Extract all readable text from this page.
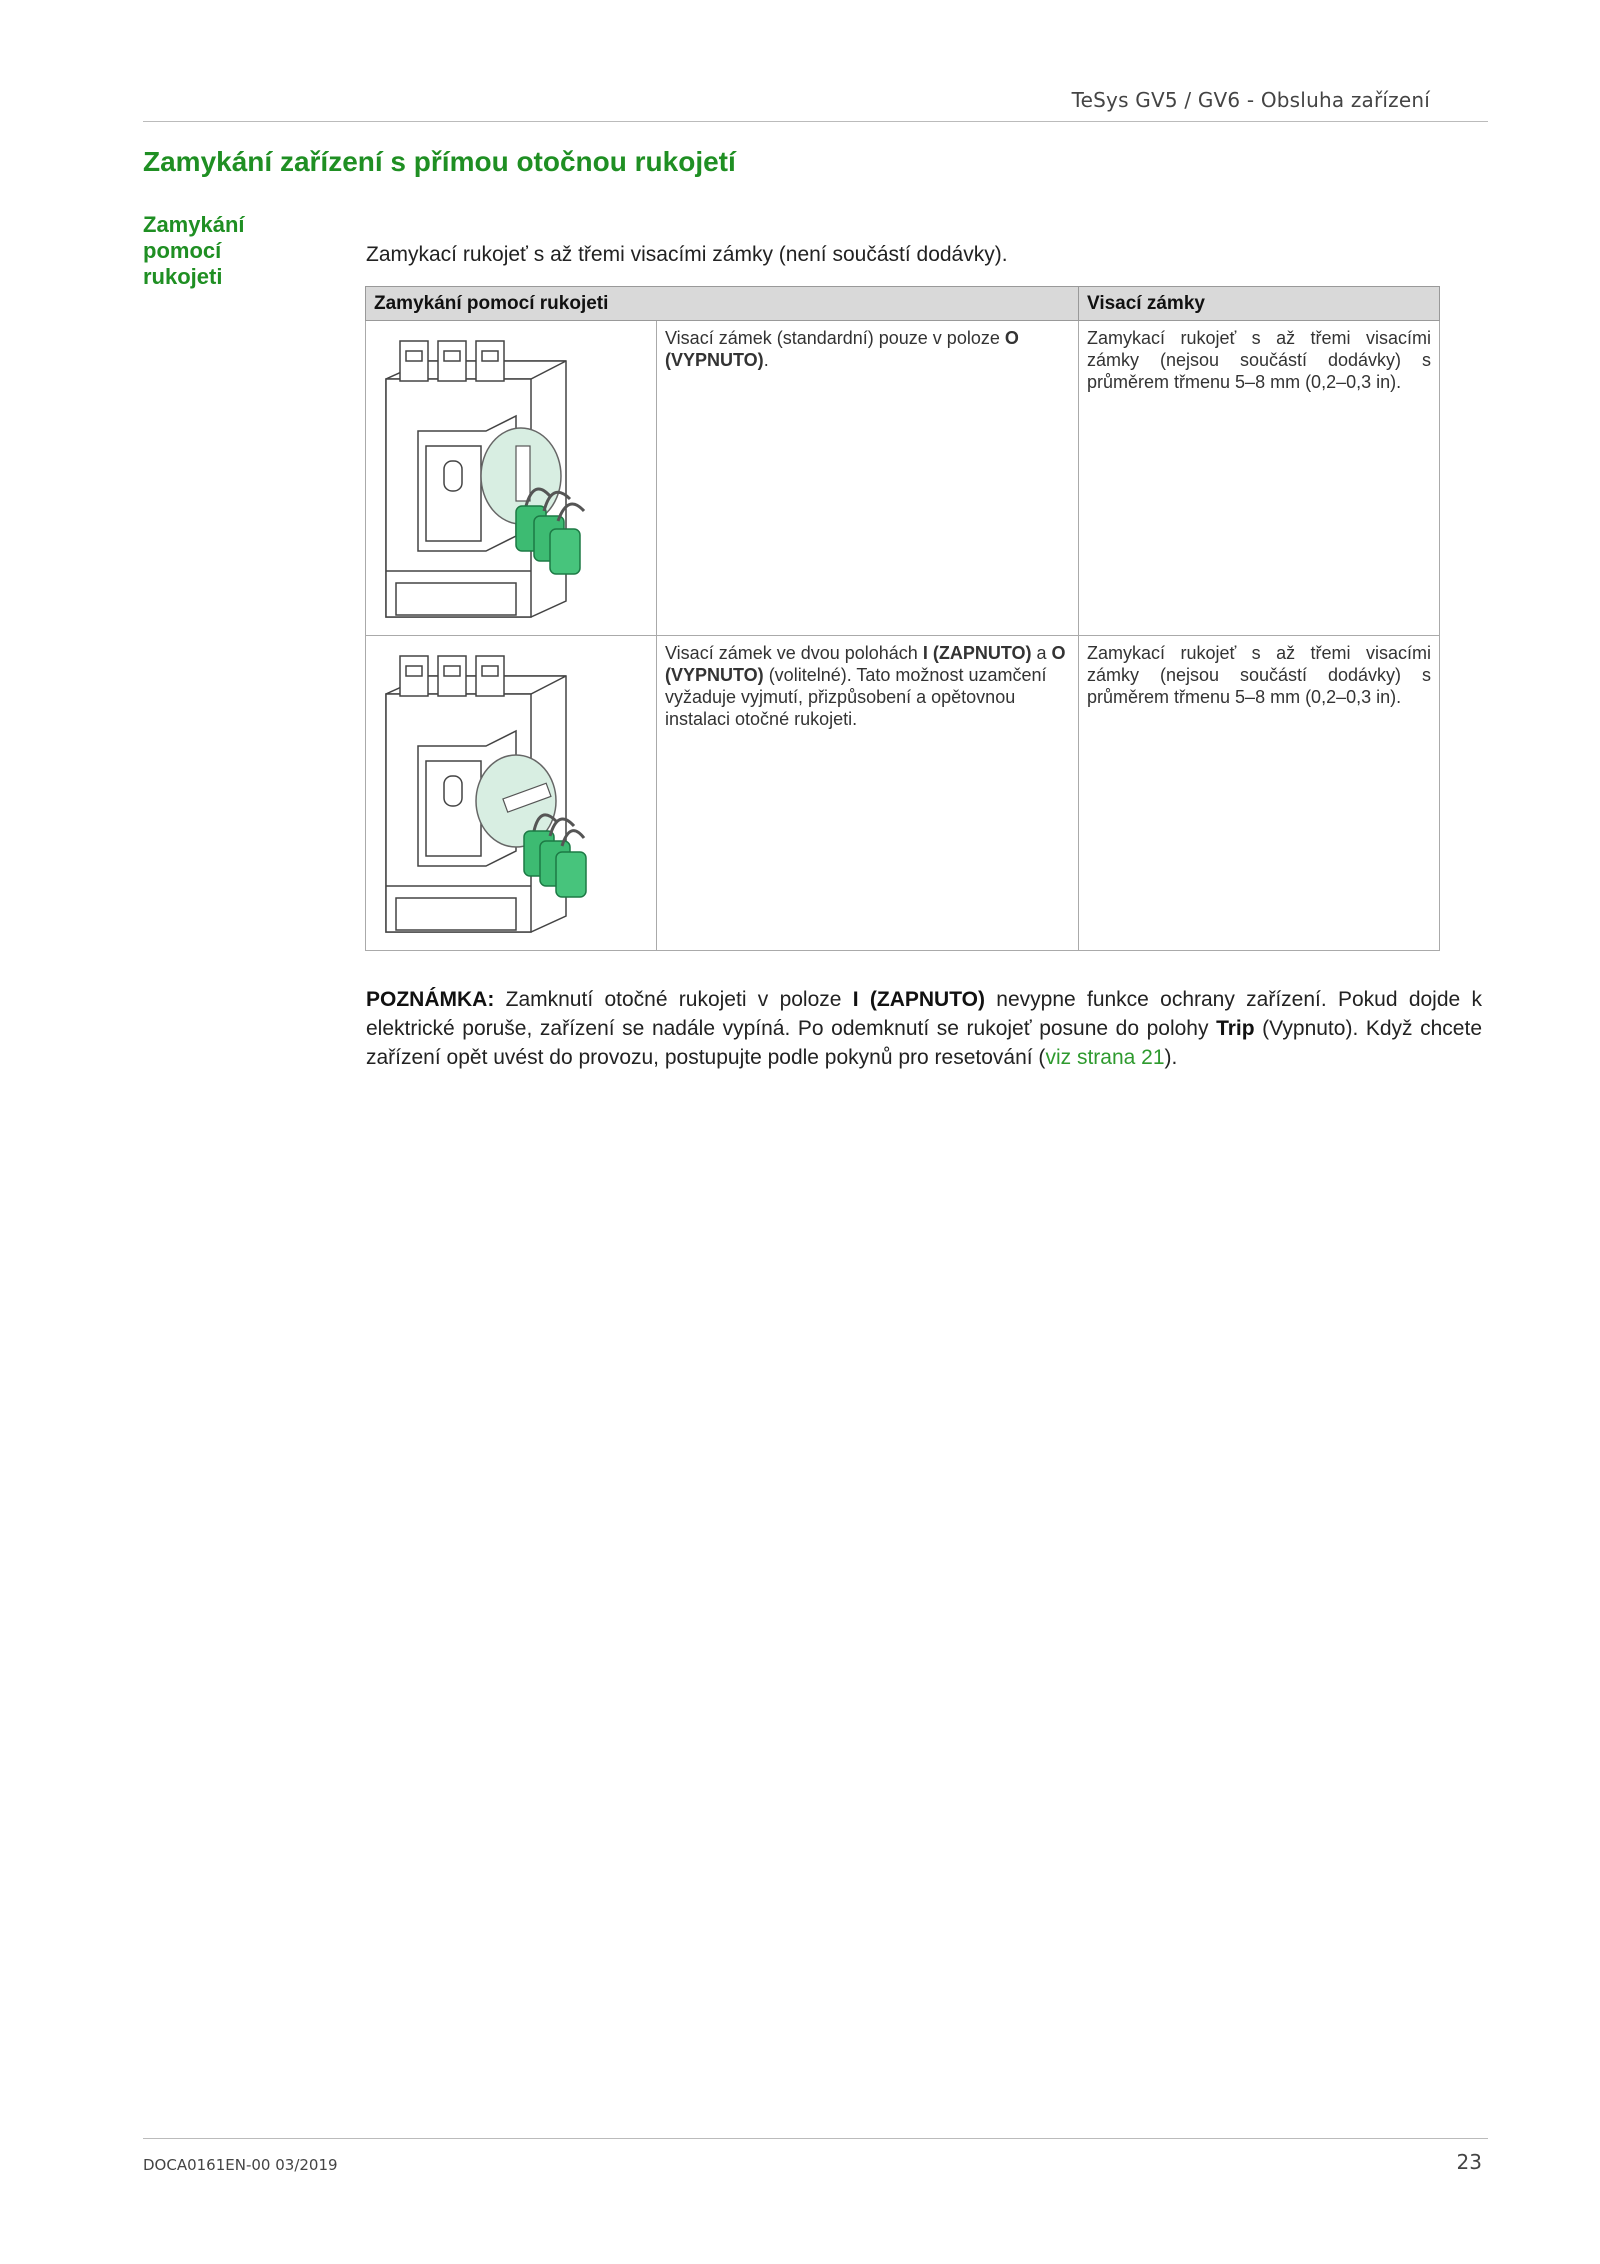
TeSys GV5 / GV6 - Obsluha zařízení
Zamykání zařízení s přímou otočnou rukojetí
Zamykání
pomocí
rukojeti
Zamykací rukojeť s až třemi visacími zámky (není součástí dodávky).
Zamykání pomocí rukojeti		Visací zámky

	Visací zámek (standardní) pouze v poloze O (VYPNUTO).	Zamykací rukojeť s až třemi visacími zámky (nejsou součástí dodávky) s průměrem třmenu 5–8 mm (0,2–0,3 in).

	Visací zámek ve dvou polohách I (ZAPNUTO) a O (VYPNUTO) (volitelné). Tato možnost uzamčení vyžaduje vyjmutí, přizpůsobení a opětovnou instalaci otočné rukojeti.	Zamykací rukojeť s až třemi visacími zámky (nejsou součástí dodávky) s průměrem třmenu 5–8 mm (0,2–0,3 in).
POZNÁMKA: Zamknutí otočné rukojeti v poloze I (ZAPNUTO) nevypne funkce ochrany zařízení. Pokud dojde k elektrické poruše, zařízení se nadále vypíná. Po odemknutí se rukojeť posune do polohy Trip (Vypnuto). Když chcete zařízení opět uvést do provozu, postupujte podle pokynů pro resetování (viz strana 21).
DOCA0161EN-00 03/2019	23
